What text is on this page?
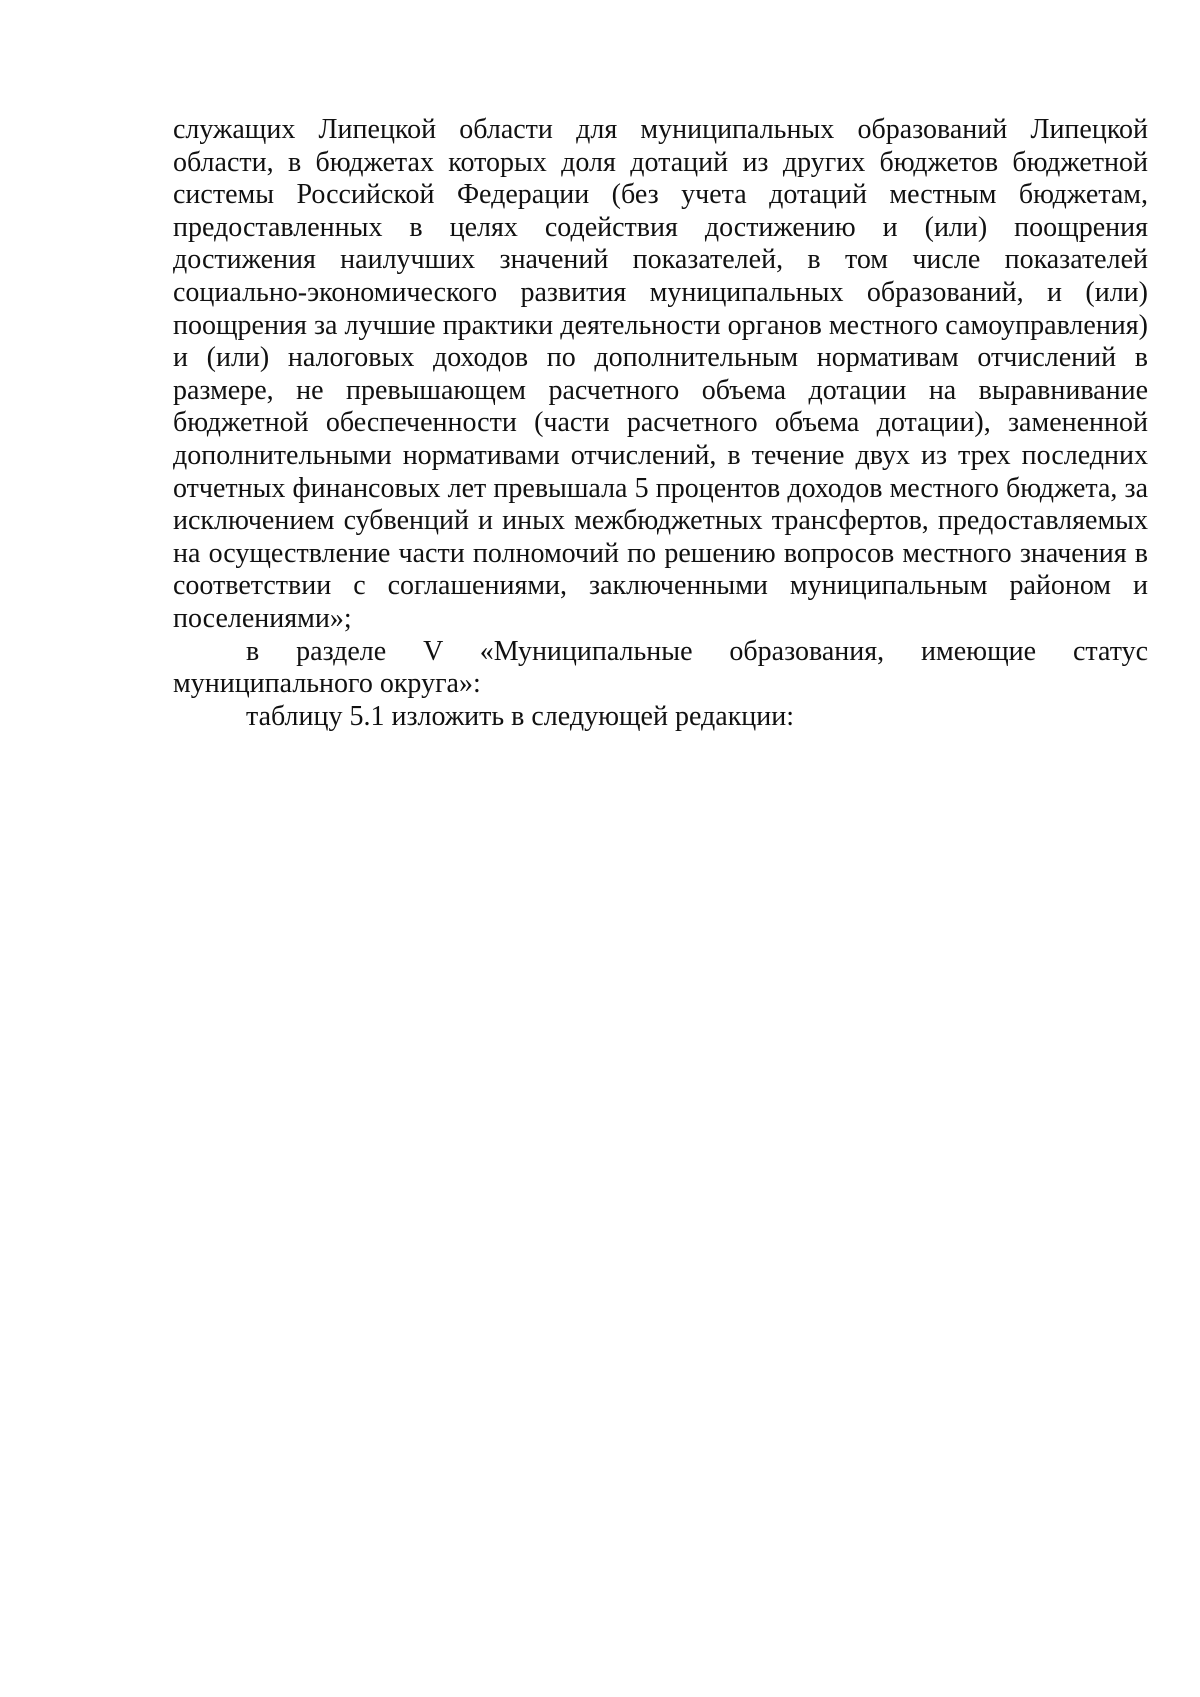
служащих Липецкой области для муниципальных образований Липецкой области, в бюджетах которых доля дотаций из других бюджетов бюджетной системы Российской Федерации (без учета дотаций местным бюджетам, предоставленных в целях содействия достижению и (или) поощрения достижения наилучших значений показателей, в том числе показателей социально-экономического развития муниципальных образований, и (или) поощрения за лучшие практики деятельности органов местного самоуправления) и (или) налоговых доходов по дополнительным нормативам отчислений в размере, не превышающем расчетного объема дотации на выравнивание бюджетной обеспеченности (части расчетного объема дотации), замененной дополнительными нормативами отчислений, в течение двух из трех последних отчетных финансовых лет превышала 5 процентов доходов местного бюджета, за исключением субвенций и иных межбюджетных трансфертов, предоставляемых на осуществление части полномочий по решению вопросов местного значения в соответствии с соглашениями, заключенными муниципальным районом и поселениями»;

в разделе V «Муниципальные образования, имеющие статус муниципального округа»:

таблицу 5.1 изложить в следующей редакции:
